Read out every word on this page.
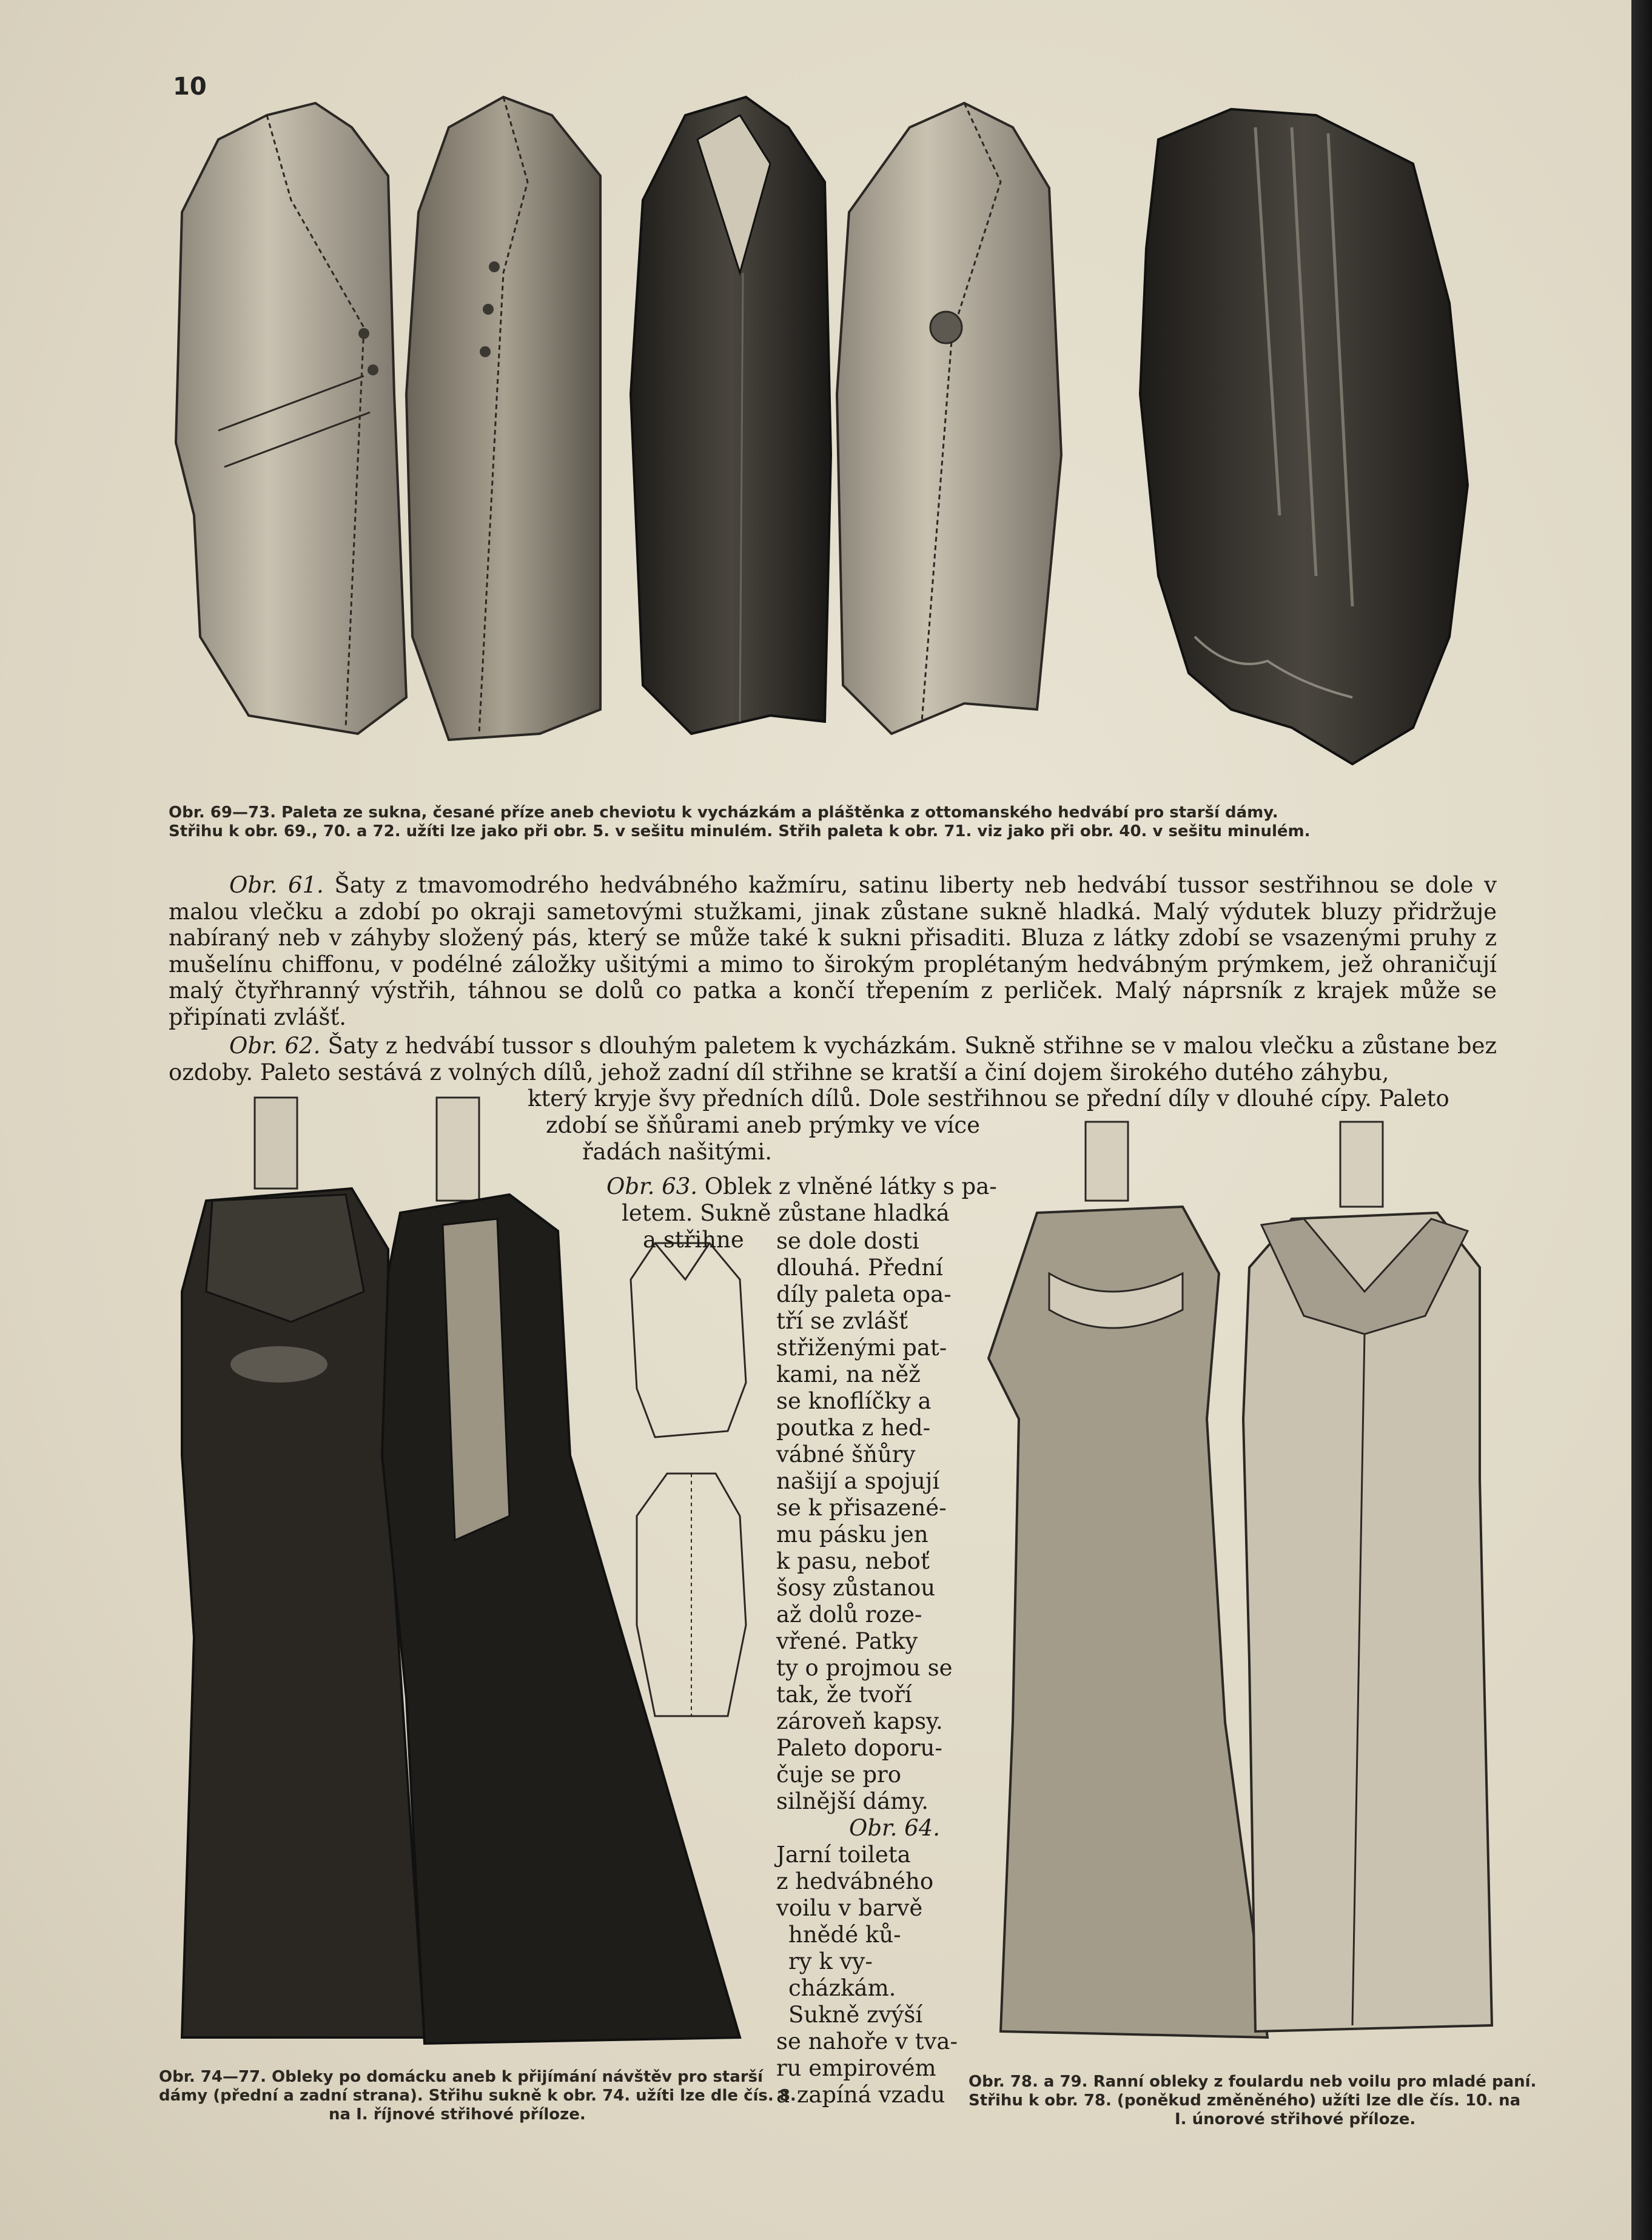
10
Obr. 69—73. Paleta ze sukna, česané příze aneb cheviotu k vycházkám a pláštěnka z ottomanského hedvábí pro starší dámy.
Střihu k obr. 69., 70. a 72. užíti lze jako při obr. 5. v sešitu minulém. Střih paleta k obr. 71. viz jako při obr. 40. v sešitu minulém.

Obr. 61. Šaty z tmavomodrého hedvábného kažmíru, satinu liberty neb hedvábí tussor sestřihnou se dole v malou vlečku a zdobí po okraji sametovými stužkami, jinak zůstane sukně hladká. Malý výdutek bluzy přidržuje nabíraný neb v záhyby složený pás, který se může také k sukni přisaditi. Bluza z látky zdobí se vsazenými pruhy z mušelínu chiffonu, v podélné záložky ušitými a mimo to širokým proplétaným hedvábným prýmkem, jež ohraničují malý čtyřhranný výstřih, táhnou se dolů co patka a končí třepením z perliček. Malý náprsník z krajek může se připínati zvlášť.

Obr. 62. Šaty z hedvábí tussor s dlouhým paletem k vycházkám. Sukně střihne se v malou vlečku a zůstane bez ozdoby. Paleto sestává z volných dílů, jehož zadní díl střihne se kratší a činí dojem širokého dutého záhybu,

který kryje švy předních dílů. Dole sestřihnou se přední díly v dlouhé cípy. Paleto

zdobí se šňůrami aneb prýmky ve více

řadách našitými.

Obr. 63. Oblek z vlněné látky s pa-

letem. Sukně zůstane hladká

a střihne	se dole dosti

dlouhá. Přední

díly paleta opa-

tří se zvlášť

střiženými pat-

kami, na něž

se knoflíčky a

poutka z hed-

vábné šňůry

našijí a spojují

se k přisazené-

mu pásku jen

k pasu, neboť

šosy zůstanou

až dolů roze-

vřené. Patky

ty o projmou se

tak, že tvoří

zároveň kapsy.

Paleto doporu-

čuje se pro

silnější dámy.

Obr. 64.

Jarní toileta

z hedvábného

voilu v barvě

hnědé ků-

ry k vy-

cházkám.

Sukně zvýší

se nahoře v tva-

ru empirovém

a zapíná vzadu

Obr. 74—77. Obleky po domácku aneb k přijímání návštěv pro starší
dámy (přední a zadní strana). Střihu sukně k obr. 74. užíti lze dle čís. 8.
na I. říjnové střihové příloze.
Obr. 78. a 79. Ranní obleky z foulardu neb voilu pro mladé paní.
Střihu k obr. 78. (poněkud změněného) užíti lze dle čís. 10. na
I. únorové střihové příloze.
